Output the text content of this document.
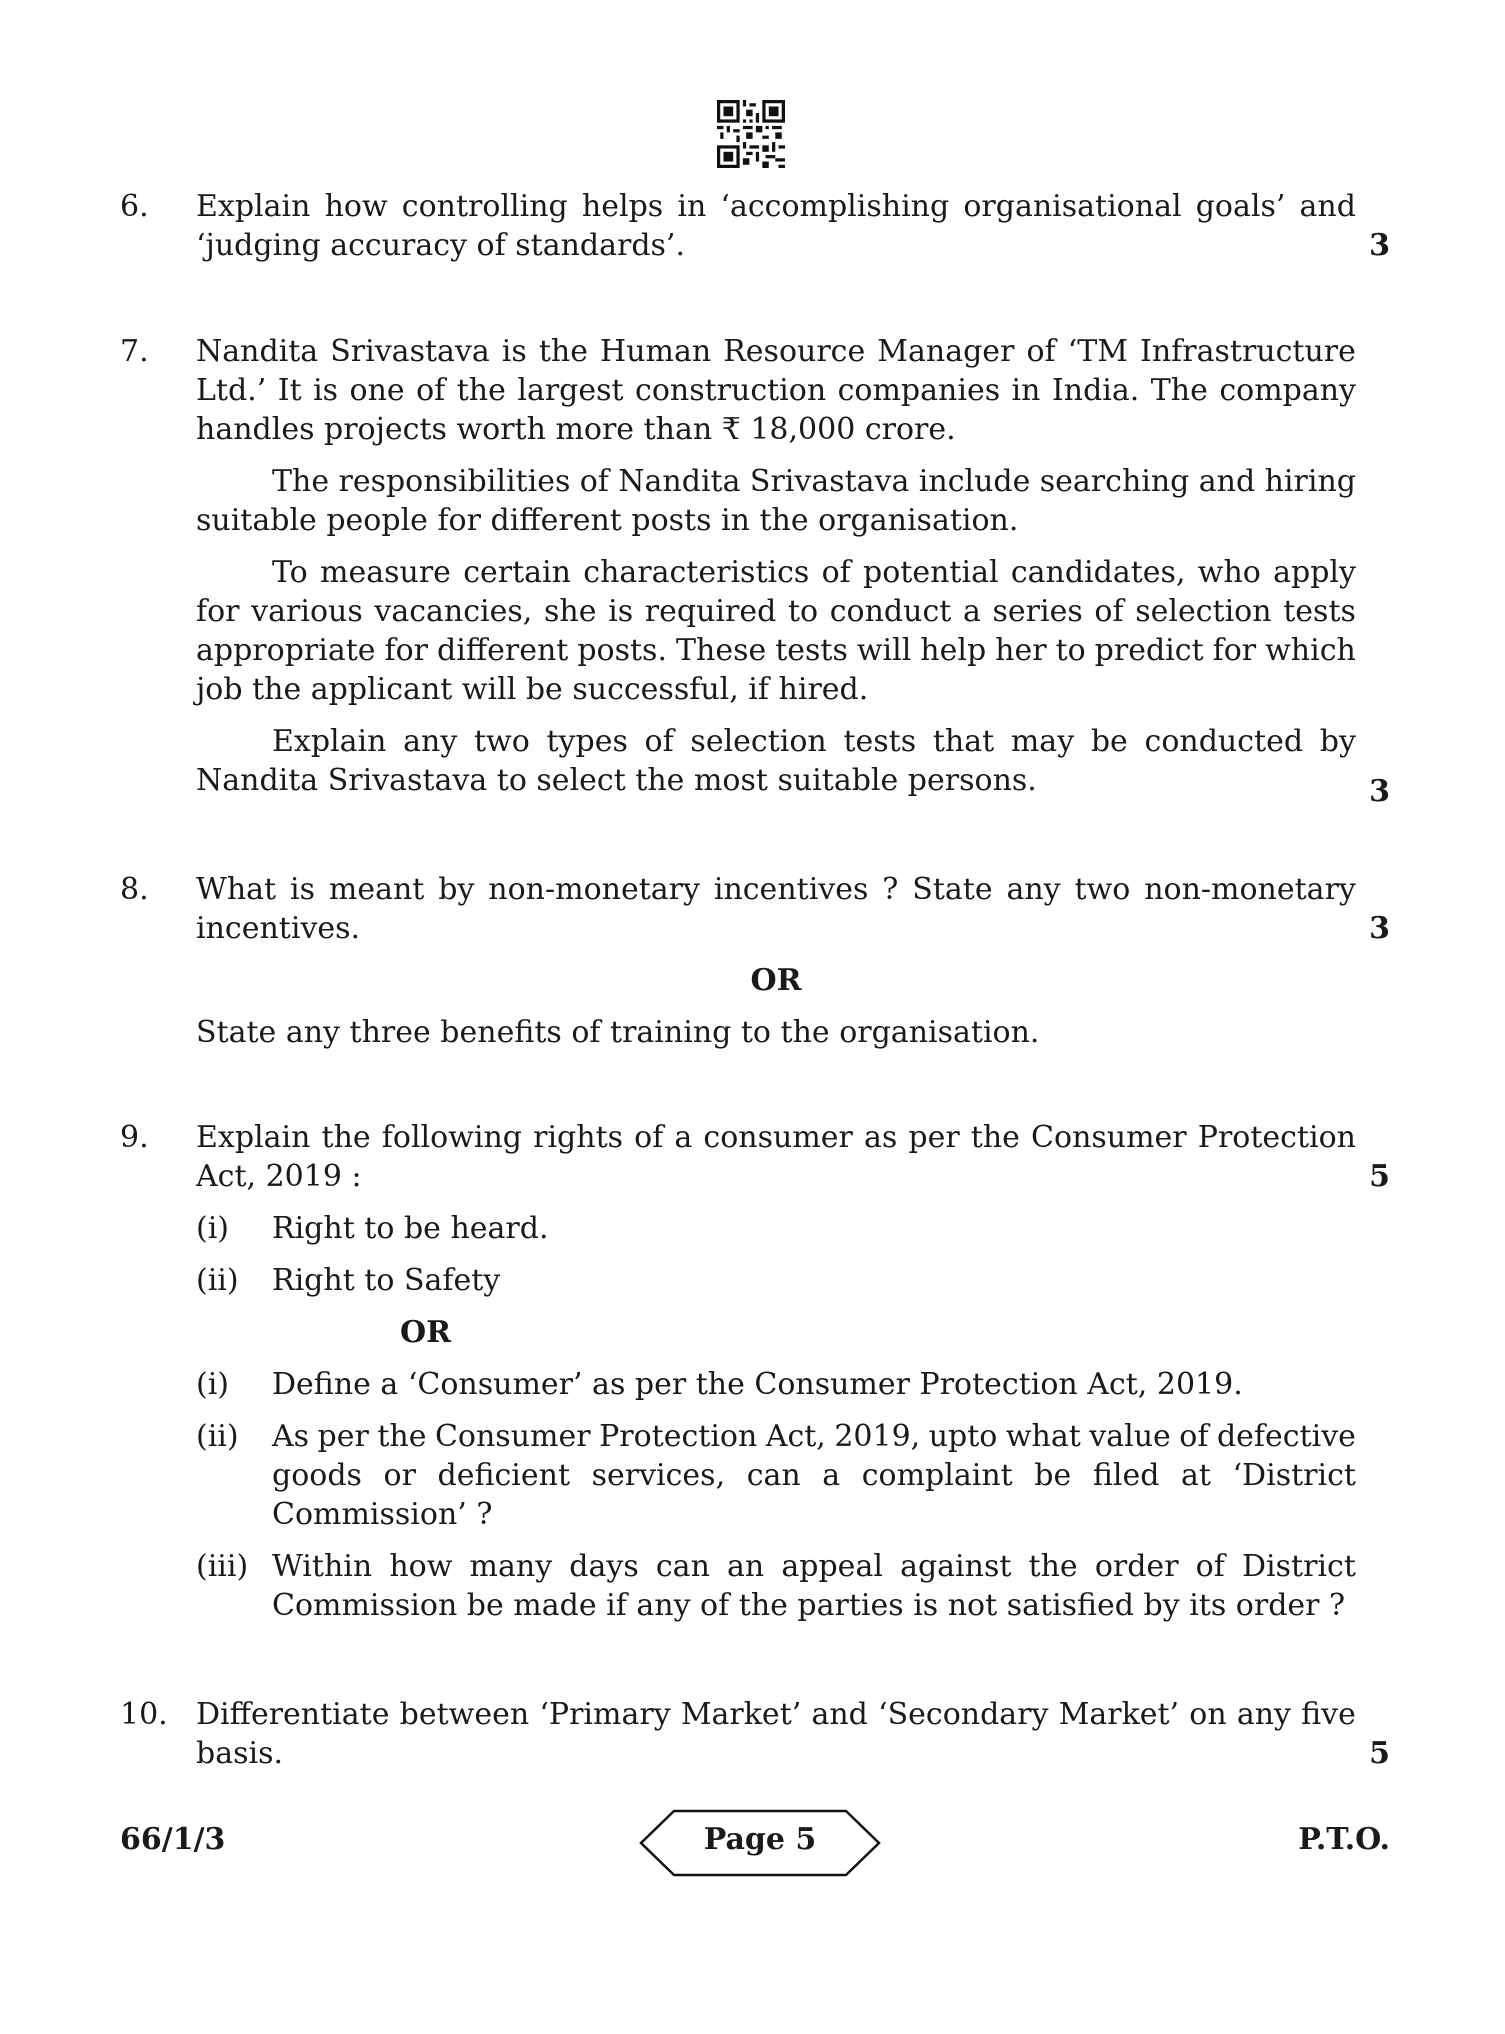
6. Explain how controlling helps in ‘accomplishing organisational goals’ and
‘judging accuracy of standards’.	3
7. Nandita Srivastava is the Human Resource Manager of ‘TM Infrastructure
Ltd.’ It is one of the largest construction companies in India. The company
handles projects worth more than ₹ 18,000 crore.
The responsibilities of Nandita Srivastava include searching and hiring
suitable people for different posts in the organisation.
To measure certain characteristics of potential candidates, who apply
for various vacancies, she is required to conduct a series of selection tests
appropriate for different posts. These tests will help her to predict for which
job the applicant will be successful, if hired.
Explain any two types of selection tests that may be conducted by
Nandita Srivastava to select the most suitable persons.	3
8. What is meant by non-monetary incentives ? State any two non-monetary
incentives.
OR
State any three benefits of training to the organisation.
3
9. Explain the following rights of a consumer as per the Consumer Protection
Act, 2019 :
(i) Right to be heard.
(ii) Right to Safety
OR
(i) Define a ‘Consumer’ as per the Consumer Protection Act, 2019.
(ii) As per the Consumer Protection Act, 2019, upto what value of defective
goods or deficient services, can a complaint be filed at ‘District
Commission’ ?
(iii) Within how many days can an appeal against the order of District
Commission be made if any of the parties is not satisfied by its order ?
5
10. Differentiate between ‘Primary Market’ and ‘Secondary Market’ on any five
basis.	5
66/1/3	Page 5	P.T.O.
